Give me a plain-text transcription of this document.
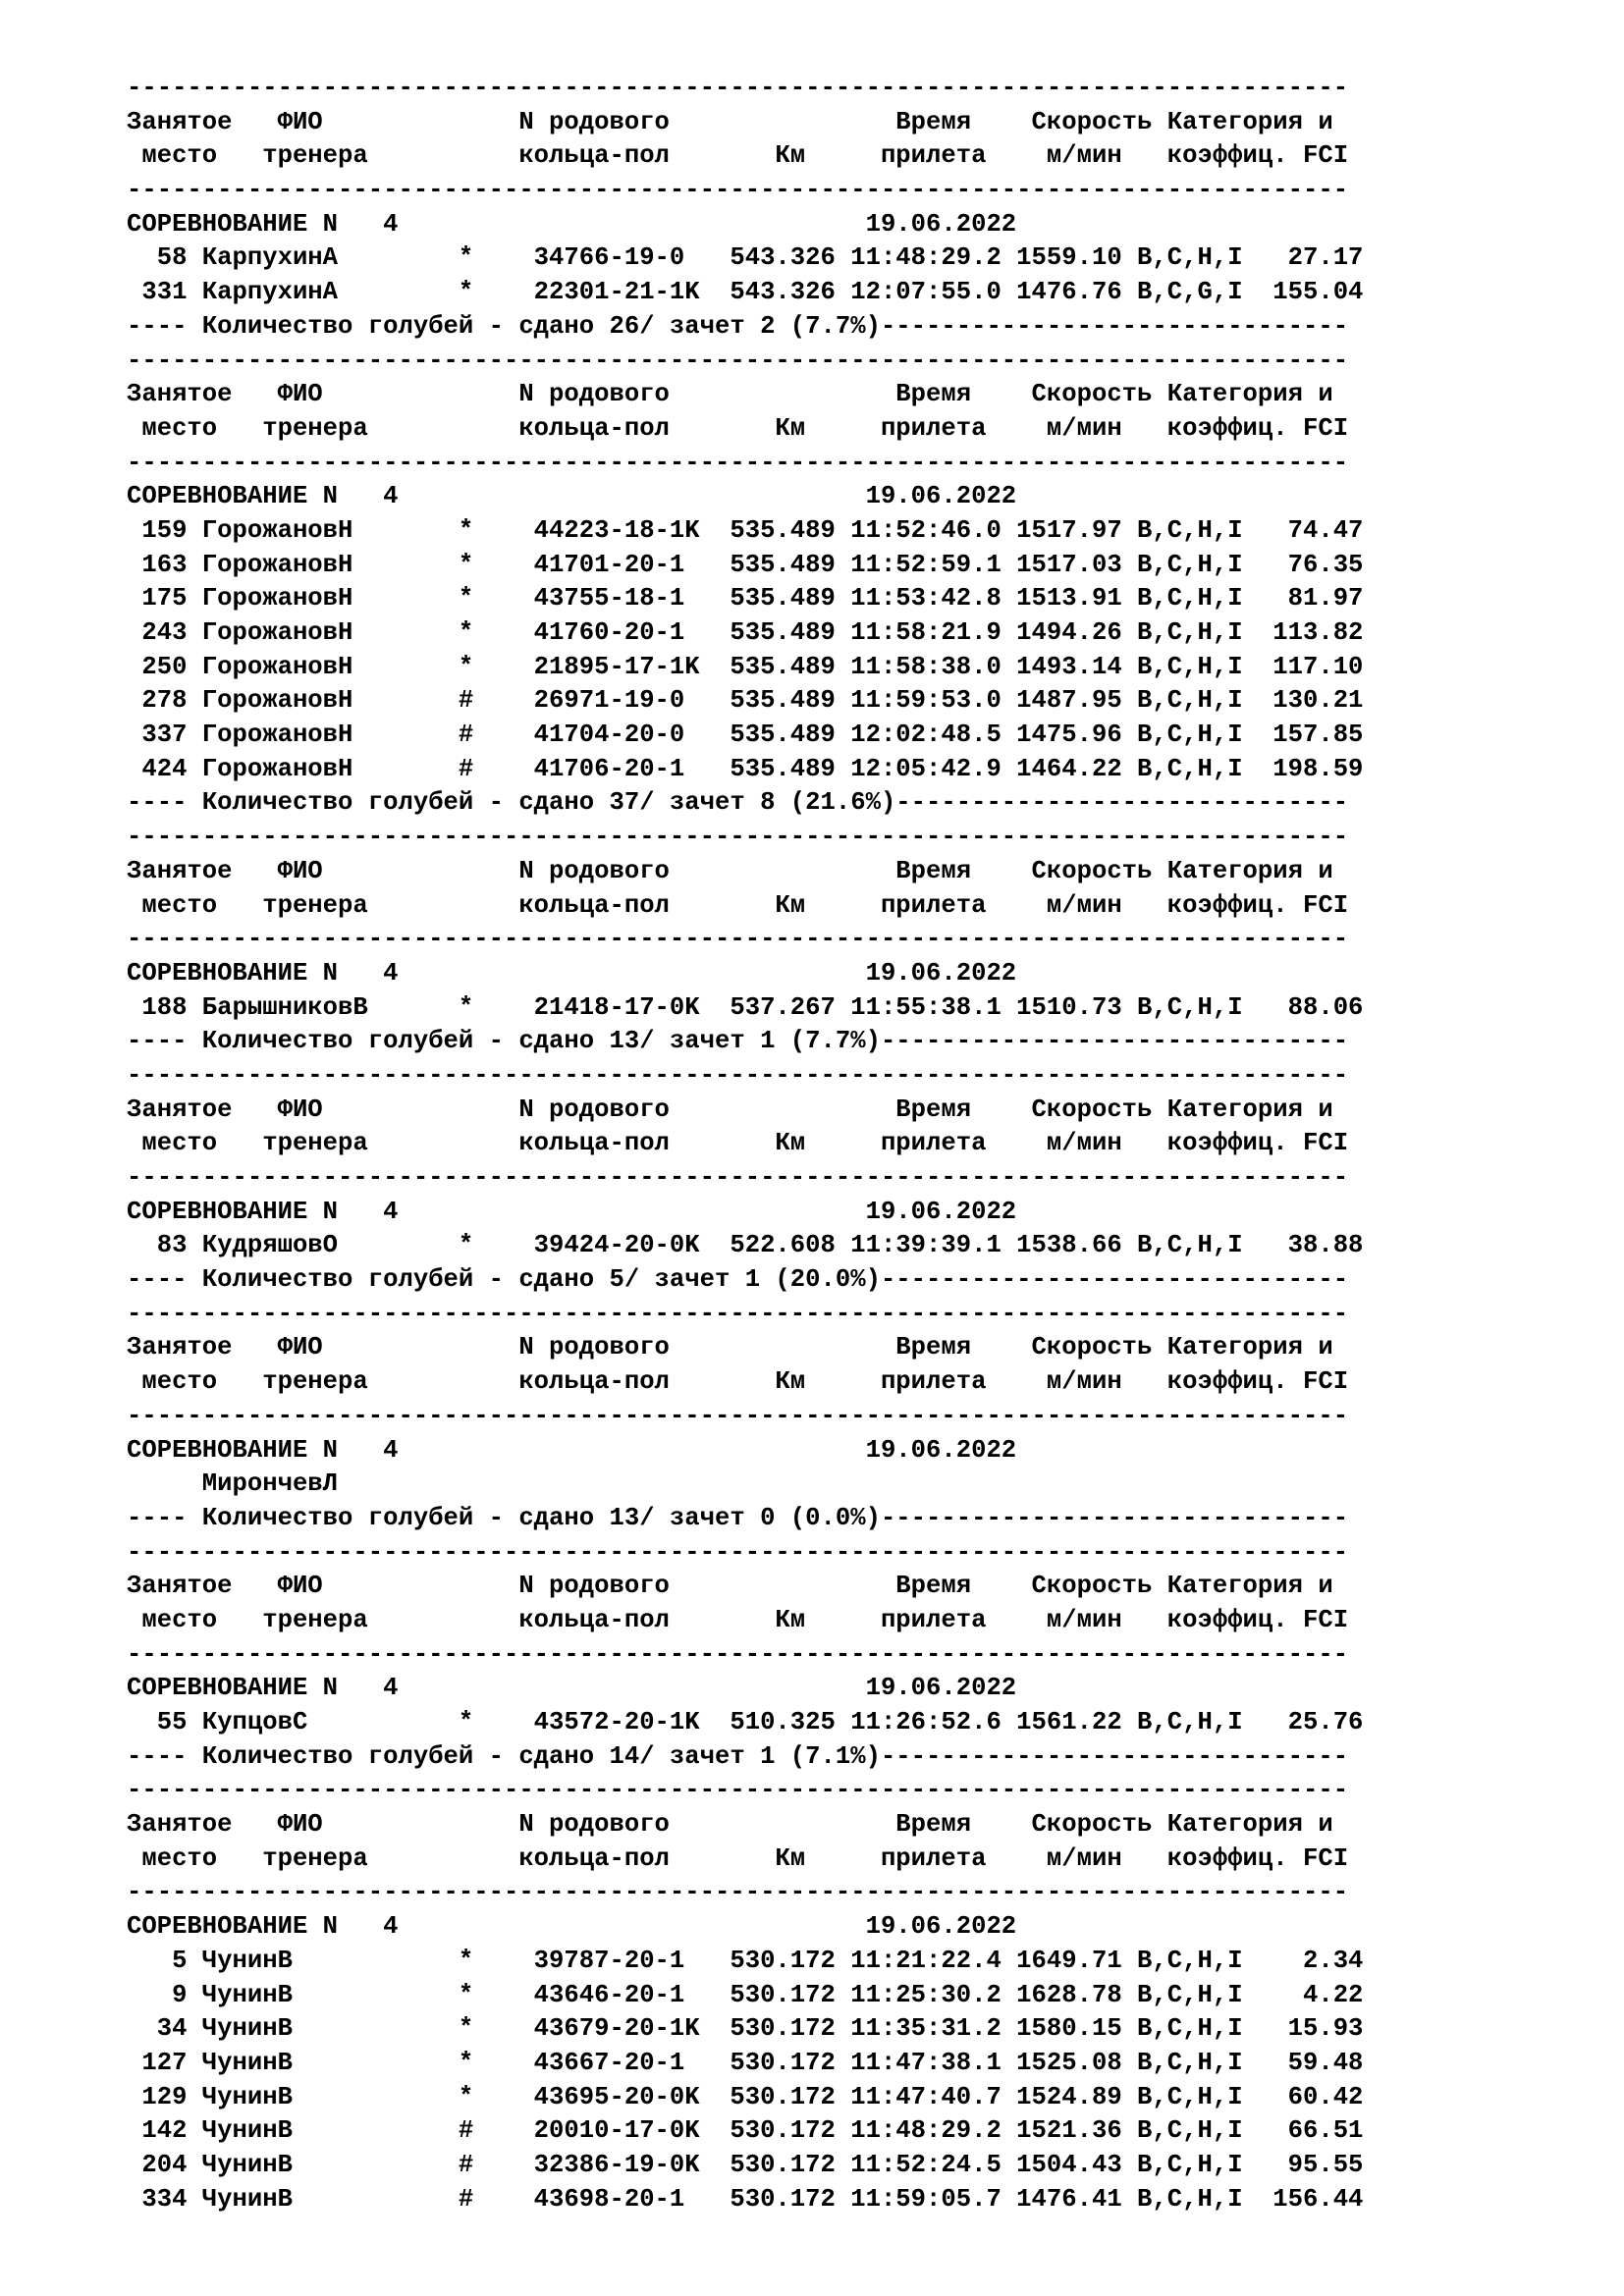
---------------------------------------------------------------------------------
Занятое   ФИО             N родового               Время    Скорость Категория и
место   тренера          кольца-пол       Км     прилета    м/мин   коэффиц. FCI
---------------------------------------------------------------------------------
СОРЕВНОВАНИЕ N   4                               19.06.2022
58 КарпухинА        *    34766-19-0   543.326 11:48:29.2 1559.10 B,C,H,I   27.17
331 КарпухинА        *    22301-21-1K  543.326 12:07:55.0 1476.76 B,C,G,I  155.04
---- Количество голубей - сдано 26/ зачет 2 (7.7%)-------------------------------
---------------------------------------------------------------------------------
Занятое   ФИО             N родового               Время    Скорость Категория и
место   тренера          кольца-пол       Км     прилета    м/мин   коэффиц. FCI
---------------------------------------------------------------------------------
СОРЕВНОВАНИЕ N   4                               19.06.2022
159 ГорожановН       *    44223-18-1K  535.489 11:52:46.0 1517.97 B,C,H,I   74.47
163 ГорожановН       *    41701-20-1   535.489 11:52:59.1 1517.03 B,C,H,I   76.35
175 ГорожановН       *    43755-18-1   535.489 11:53:42.8 1513.91 B,C,H,I   81.97
243 ГорожановН       *    41760-20-1   535.489 11:58:21.9 1494.26 B,C,H,I  113.82
250 ГорожановН       *    21895-17-1K  535.489 11:58:38.0 1493.14 B,C,H,I  117.10
278 ГорожановН       #    26971-19-0   535.489 11:59:53.0 1487.95 B,C,H,I  130.21
337 ГорожановН       #    41704-20-0   535.489 12:02:48.5 1475.96 B,C,H,I  157.85
424 ГорожановН       #    41706-20-1   535.489 12:05:42.9 1464.22 B,C,H,I  198.59
---- Количество голубей - сдано 37/ зачет 8 (21.6%)------------------------------
---------------------------------------------------------------------------------
Занятое   ФИО             N родового               Время    Скорость Категория и
место   тренера          кольца-пол       Км     прилета    м/мин   коэффиц. FCI
---------------------------------------------------------------------------------
СОРЕВНОВАНИЕ N   4                               19.06.2022
188 БарышниковВ      *    21418-17-0K  537.267 11:55:38.1 1510.73 B,C,H,I   88.06
---- Количество голубей - сдано 13/ зачет 1 (7.7%)-------------------------------
---------------------------------------------------------------------------------
Занятое   ФИО             N родового               Время    Скорость Категория и
место   тренера          кольца-пол       Км     прилета    м/мин   коэффиц. FCI
---------------------------------------------------------------------------------
СОРЕВНОВАНИЕ N   4                               19.06.2022
83 КудряшовО        *    39424-20-0K  522.608 11:39:39.1 1538.66 B,C,H,I   38.88
---- Количество голубей - сдано 5/ зачет 1 (20.0%)-------------------------------
---------------------------------------------------------------------------------
Занятое   ФИО             N родового               Время    Скорость Категория и
место   тренера          кольца-пол       Км     прилета    м/мин   коэффиц. FCI
---------------------------------------------------------------------------------
СОРЕВНОВАНИЕ N   4                               19.06.2022
МирончевЛ
---- Количество голубей - сдано 13/ зачет 0 (0.0%)-------------------------------
---------------------------------------------------------------------------------
Занятое   ФИО             N родового               Время    Скорость Категория и
место   тренера          кольца-пол       Км     прилета    м/мин   коэффиц. FCI
---------------------------------------------------------------------------------
СОРЕВНОВАНИЕ N   4                               19.06.2022
55 КупцовС          *    43572-20-1K  510.325 11:26:52.6 1561.22 B,C,H,I   25.76
---- Количество голубей - сдано 14/ зачет 1 (7.1%)-------------------------------
---------------------------------------------------------------------------------
Занятое   ФИО             N родового               Время    Скорость Категория и
место   тренера          кольца-пол       Км     прилета    м/мин   коэффиц. FCI
---------------------------------------------------------------------------------
СОРЕВНОВАНИЕ N   4                               19.06.2022
5 ЧунинВ           *    39787-20-1   530.172 11:21:22.4 1649.71 B,C,H,I    2.34
9 ЧунинВ           *    43646-20-1   530.172 11:25:30.2 1628.78 B,C,H,I    4.22
34 ЧунинВ           *    43679-20-1K  530.172 11:35:31.2 1580.15 B,C,H,I   15.93
127 ЧунинВ           *    43667-20-1   530.172 11:47:38.1 1525.08 B,C,H,I   59.48
129 ЧунинВ           *    43695-20-0K  530.172 11:47:40.7 1524.89 B,C,H,I   60.42
142 ЧунинВ           #    20010-17-0K  530.172 11:48:29.2 1521.36 B,C,H,I   66.51
204 ЧунинВ           #    32386-19-0K  530.172 11:52:24.5 1504.43 B,C,H,I   95.55
334 ЧунинВ           #    43698-20-1   530.172 11:59:05.7 1476.41 B,C,H,I  156.44
